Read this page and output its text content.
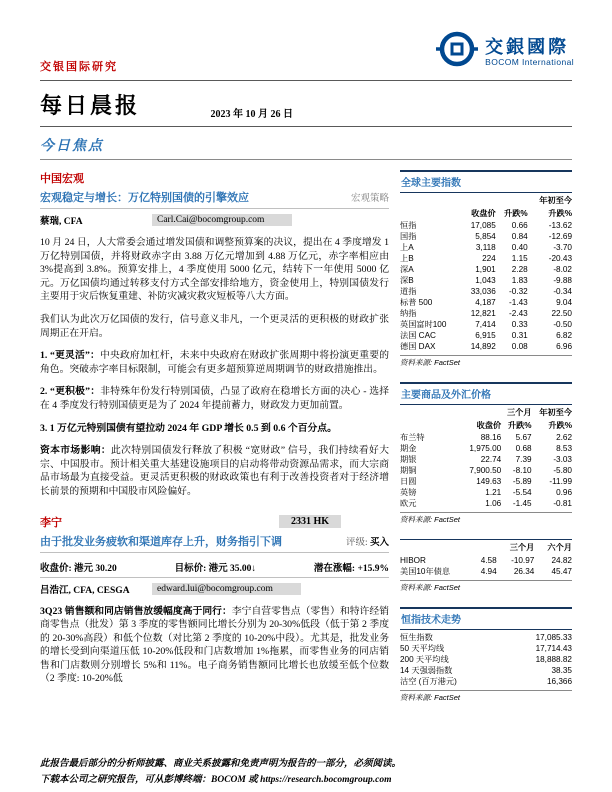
交银国际研究
交銀國際
BOCOM International
每日晨报	2023 年 10 月 26 日
今日焦点
中国宏观
宏观稳定与增长：万亿特别国债的引擎效应	宏观策略
蔡瑞, CFA	Carl.Cai@bocomgroup.com

10 月 24 日，人大常委会通过增发国债和调整预算案的决议，提出在 4 季度增发 1 万亿特别国债，并将财政赤字由 3.88 万亿元增加到 4.88 万亿元，赤字率相应由 3%提高到 3.8%。预算安排上，4 季度使用 5000 亿元，结转下一年使用 5000 亿元。万亿国债均通过转移支付方式全部安排给地方，资金使用上，特别国债发行主要用于灾后恢复重建、补防灾减灾救灾短板等八大方面。

我们认为此次万亿国债的发行，信号意义非凡，一个更灵活的更积极的财政扩张周期正在开启。

1. “更灵活”：中央政府加杠杆，未来中央政府在财政扩张周期中将扮演更重要的角色。突破赤字率目标限制，可能会有更多超预算逆周期调节的财政措施推出。

2. “更积极”：非特殊年份发行特别国债，凸显了政府在稳增长方面的决心 - 选择在 4 季度发行特别国债更是为了 2024 年提前蓄力，财政发力更加前置。

3. 1 万亿元特别国债有望拉动 2024 年 GDP 增长 0.5 到 0.6 个百分点。

资本市场影响：此次特别国债发行释放了积极 “宽财政” 信号，我们持续看好大宗、中国股市。预计相关重大基建设施项目的启动将带动资源品需求，而大宗商品市场最为直接受益。更灵活更积极的财政政策也有利于改善投资者对于经济增长前景的预期和中国股市风险偏好。

李宁	2331 HK
由于批发业务疲软和渠道库存上升，财务指引下调	评级: 买入
收盘价: 港元 30.20	目标价: 港元 35.00↓	潜在涨幅: +15.9%
吕浩江, CFA, CESGA	edward.lui@bocomgroup.com

3Q23 销售额和同店销售放缓幅度高于同行：李宁自营零售点（零售）和特许经销商零售点（批发）第 3 季度的零售额同比增长分别为 20-30%低段（低于第 2 季度的 20-30%高段）和低个位数（对比第 2 季度的 10-20%中段）。尤其是，批发业务的增长受到向渠道压低 10-20%低段和门店数增加 1%拖累，而零售业务的同店销售和门店数则分别增长 5%和 11%。电子商务销售额同比增长也放缓至低个位数（2 季度: 10-20%低

全球主要指数
			年初至今
	收盘价	升跌%	升跌%
恒指	17,085	0.66	-13.62
国指	5,854	0.84	-12.69
上A	3,118	0.40	-3.70
上B	224	1.15	-20.43
深A	1,901	2.28	-8.02
深B	1,043	1.83	-9.88
道指	33,036	-0.32	-0.34
标普 500	4,187	-1.43	9.04
纳指	12,821	-2.43	22.50
英国富时100	7,414	0.33	-0.50
法国 CAC	6,915	0.31	6.82
德国 DAX	14,892	0.08	6.96
资料来源: FactSet
主要商品及外汇价格
		三个月	年初至今
	收盘价	升跌%	升跌%
布兰特	88.16	5.67	2.62
期金	1,975.00	0.68	8.53
期银	22.74	7.39	-3.03
期铜	7,900.50	-8.10	-5.80
日圆	149.63	-5.89	-11.99
英镑	1.21	-5.54	0.96
欧元	1.06	-1.45	-0.81
资料来源: FactSet
		三个月	六个月
HIBOR	4.58	-10.97	24.82
美国10年债息	4.94	26.34	45.47
资料来源: FactSet
恒指技术走势
恒生指数	17,085.33
50 天平均线	17,714.43
200 天平均线	18,888.82
14 天强弱指数	38.35
沽空 (百万港元)	16,366
资料来源: FactSet
此报告最后部分的分析师披露、商业关系披露和免责声明为报告的一部分，必须阅读。
下载本公司之研究报告，可从彭博终端：BOCOM 或 https://research.bocomgroup.com
